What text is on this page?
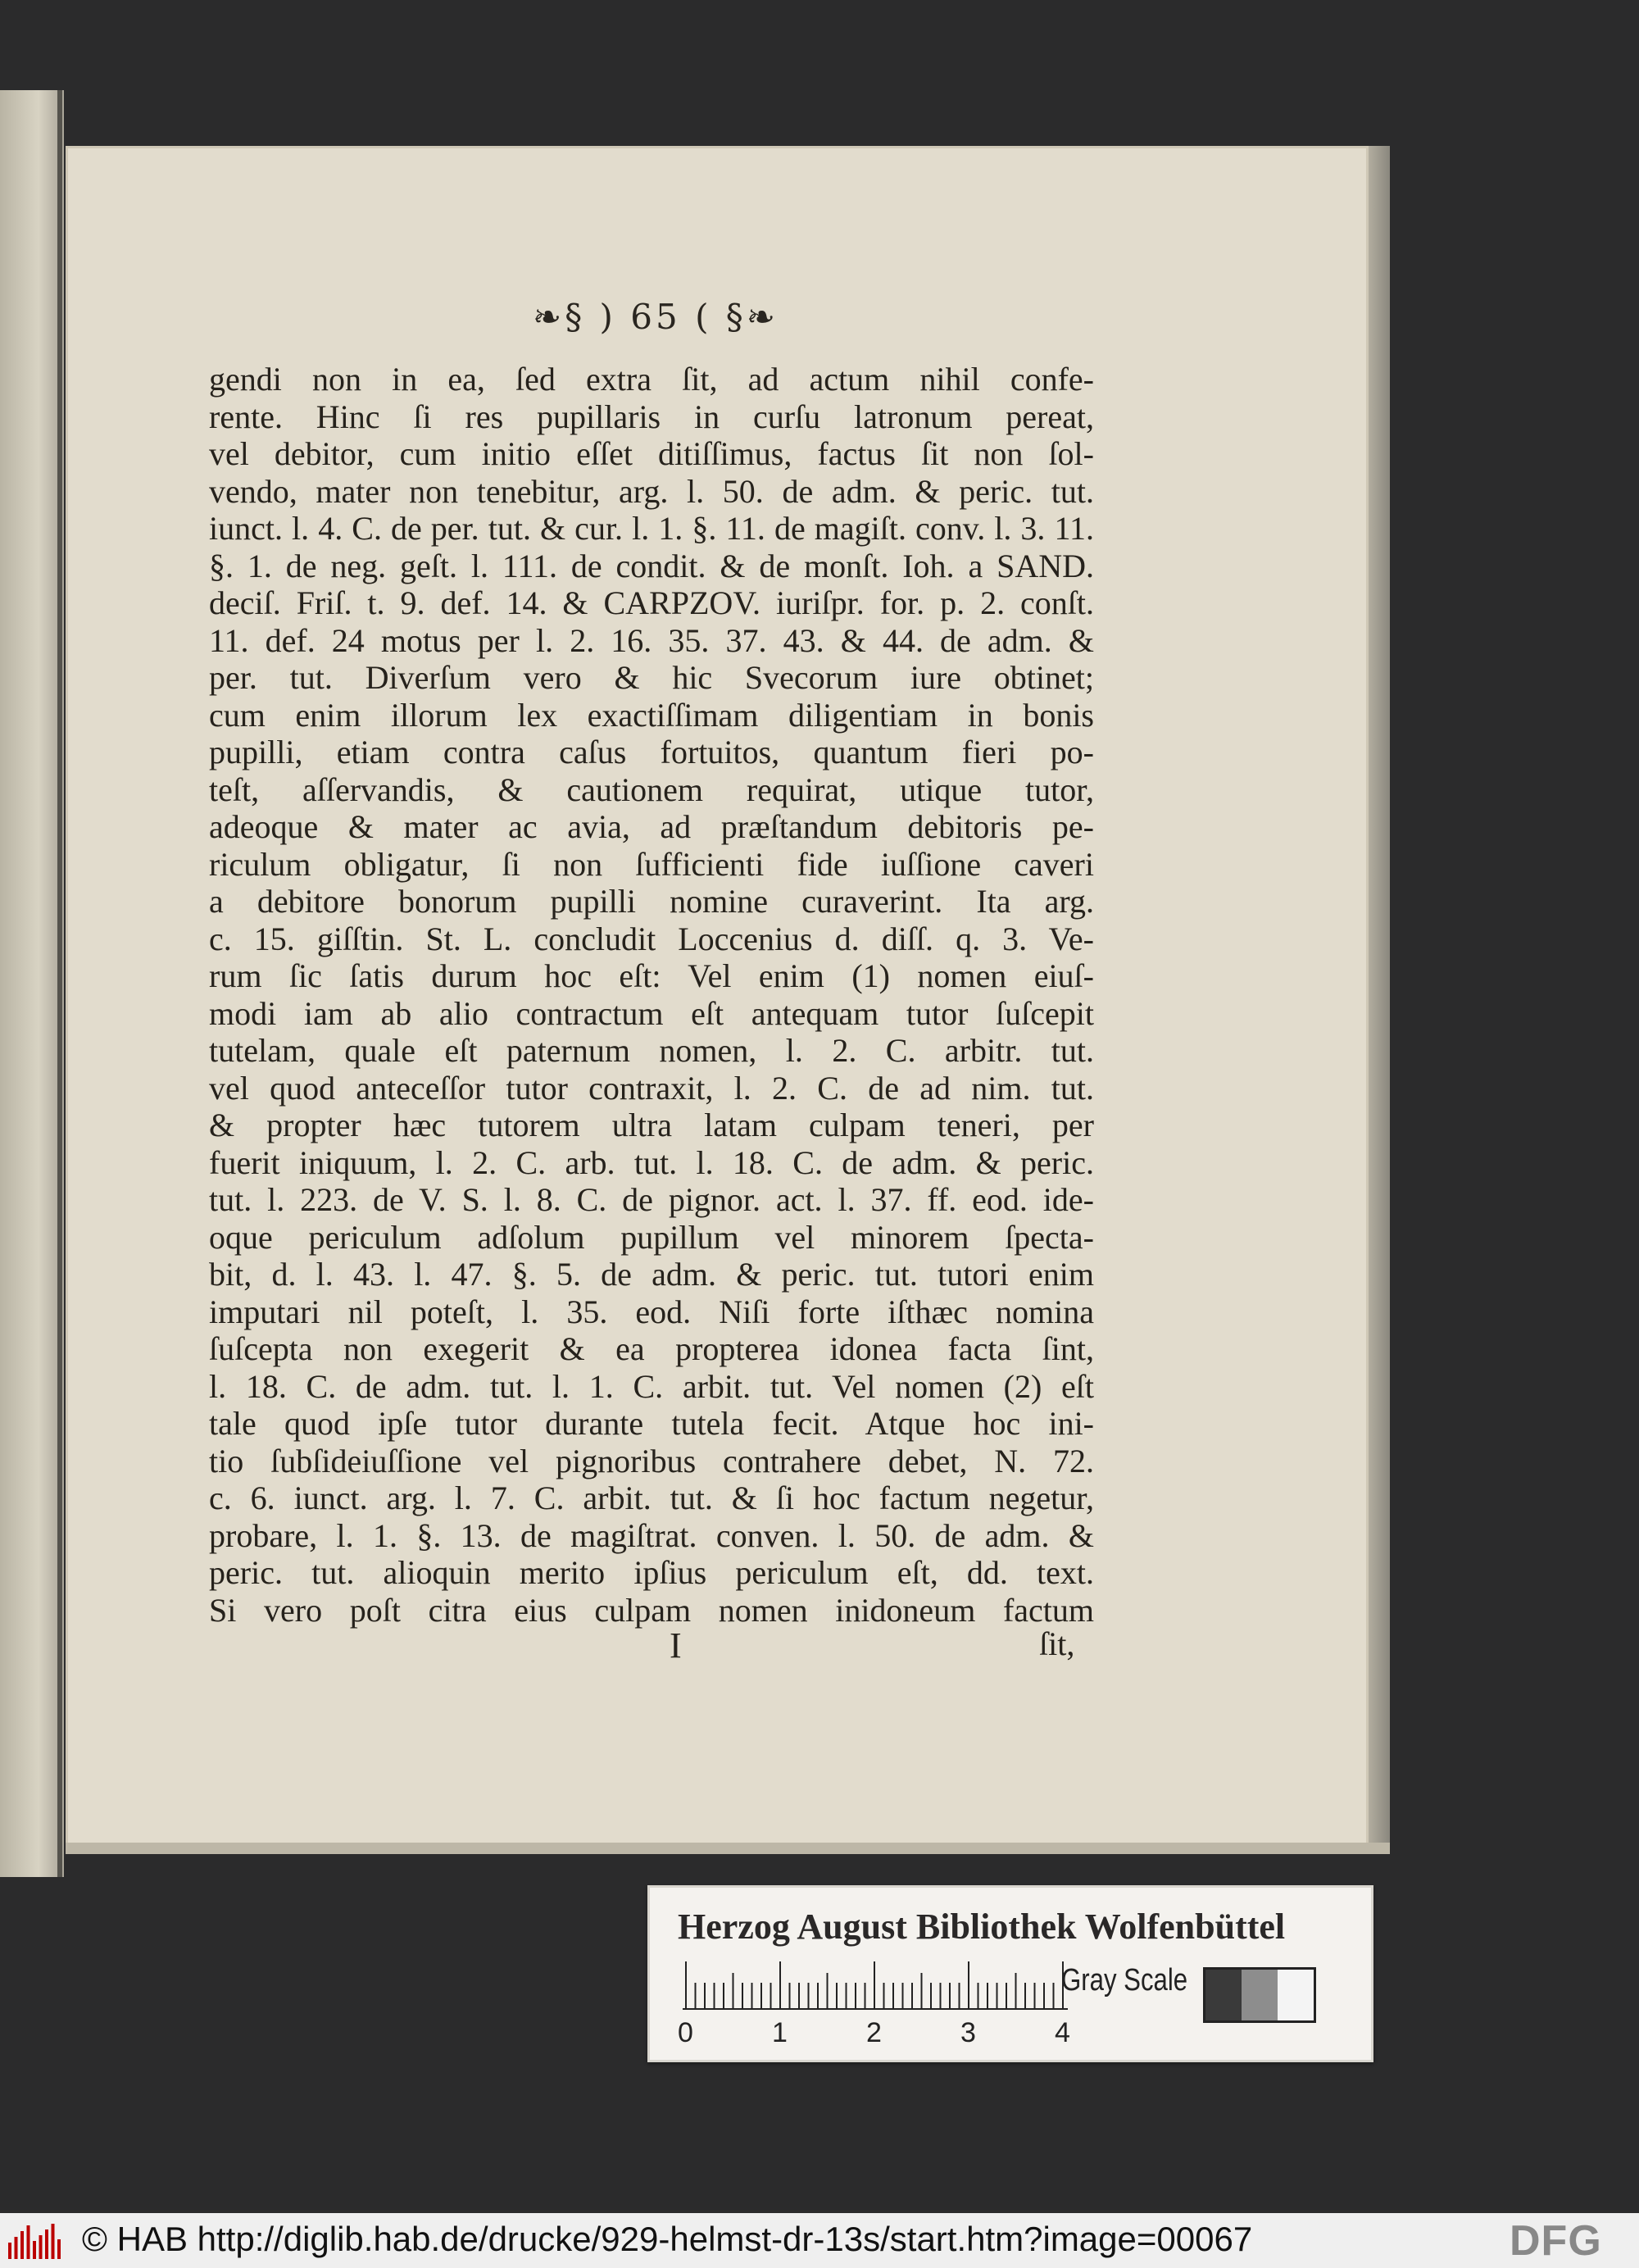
❧§ ) 65 ( §❧
gendi non in ea, ſed extra ſit, ad actum nihil confe-
rente. Hinc ſi res pupillaris in curſu latronum pereat,
vel debitor, cum initio eſſet ditiſſimus, factus ſit non ſol-
vendo, mater non tenebitur, arg. l. 50. de adm. & peric. tut.
iunct. l. 4. C. de per. tut. & cur. l. 1. §. 11. de magiſt. conv. l. 3. 11.
§. 1. de neg. geſt. l. 111. de condit. & de monſt. Ioh. a SAND.
deciſ. Friſ. t. 9. def. 14. & CARPZOV. iuriſpr. for. p. 2. conſt.
11. def. 24 motus per l. 2. 16. 35. 37. 43. & 44. de adm. &
per. tut. Diverſum vero & hic Svecorum iure obtinet;
cum enim illorum lex exactiſſimam diligentiam in bonis
pupilli, etiam contra caſus fortuitos, quantum fieri po-
teſt, aſſervandis, & cautionem requirat, utique tutor,
adeoque & mater ac avia, ad præſtandum debitoris pe-
riculum obligatur, ſi non ſufficienti fide iuſſione caveri
a debitore bonorum pupilli nomine curaverint. Ita arg.
c. 15. giſſtin. St. L. concludit Loccenius d. diſſ. q. 3. Ve-
rum ſic ſatis durum hoc eſt: Vel enim (1) nomen eiuſ-
modi iam ab alio contractum eſt antequam tutor ſuſcepit
tutelam, quale eſt paternum nomen, l. 2. C. arbitr. tut.
vel quod anteceſſor tutor contraxit, l. 2. C. de ad nim. tut.
& propter hæc tutorem ultra latam culpam teneri, per
fuerit iniquum, l. 2. C. arb. tut. l. 18. C. de adm. & peric.
tut. l. 223. de V. S. l. 8. C. de pignor. act. l. 37. ff. eod. ide-
oque periculum adſolum pupillum vel minorem ſpecta-
bit, d. l. 43. l. 47. §. 5. de adm. & peric. tut. tutori enim
imputari nil poteſt, l. 35. eod. Niſi forte iſthæc nomina
ſuſcepta non exegerit & ea propterea idonea facta ſint,
l. 18. C. de adm. tut. l. 1. C. arbit. tut. Vel nomen (2) eſt
tale quod ipſe tutor durante tutela fecit. Atque hoc ini-
tio ſubſideiuſſione vel pignoribus contrahere debet, N. 72.
c. 6. iunct. arg. l. 7. C. arbit. tut. & ſi hoc factum negetur,
probare, l. 1. §. 13. de magiſtrat. conven. l. 50. de adm. &
peric. tut. alioquin merito ipſius periculum eſt, dd. text.
Si vero poſt citra eius culpam nomen inidoneum factum
I	ſit,
Herzog August Bibliothek Wolfenbüttel
0	1	2	3	4
Gray Scale
© HAB http://diglib.hab.de/drucke/929-helmst-dr-13s/start.htm?image=00067	DFG
